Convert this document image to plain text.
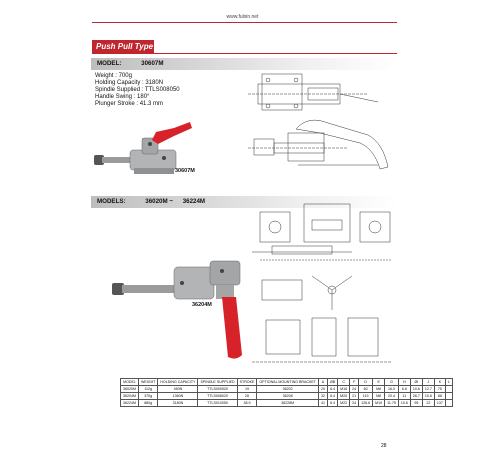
www.fulxin.net
Push Pull Type
MODEL:	30607M
Weight : 700g
Holding Capacity : 3180N
Spindle Supplied : TTLS008050
Handle Swing : 180°
Plunger Stroke : 41.3 mm
30607M
MODELS:	36020M ~ 36224M
36204M
MODEL	WEIGHT	HOLDING CAPACITY	SPINDLE SUPPLIED	STROKE	OPTIONAL MOUNTING BRACKET	A	ØB	C	F	D	E	G	H	ØI	J	K	L
36020M	112g	450N	TTLS000520	19	36202	20	6.4	M16	24	60	M6	16.0	6.6	10.6	12.7	75	
36204M	370g	1360N	TTLS008020	28	36208	32	6.4	M20	21	119	M8	20.4	11	26.7	15.6	88	
36224M	880g	3180N	TTLS010050	38.9	36228M	41	6.4	M22	24	126.6	M10	11.75	10.6	95	22	137	
28
